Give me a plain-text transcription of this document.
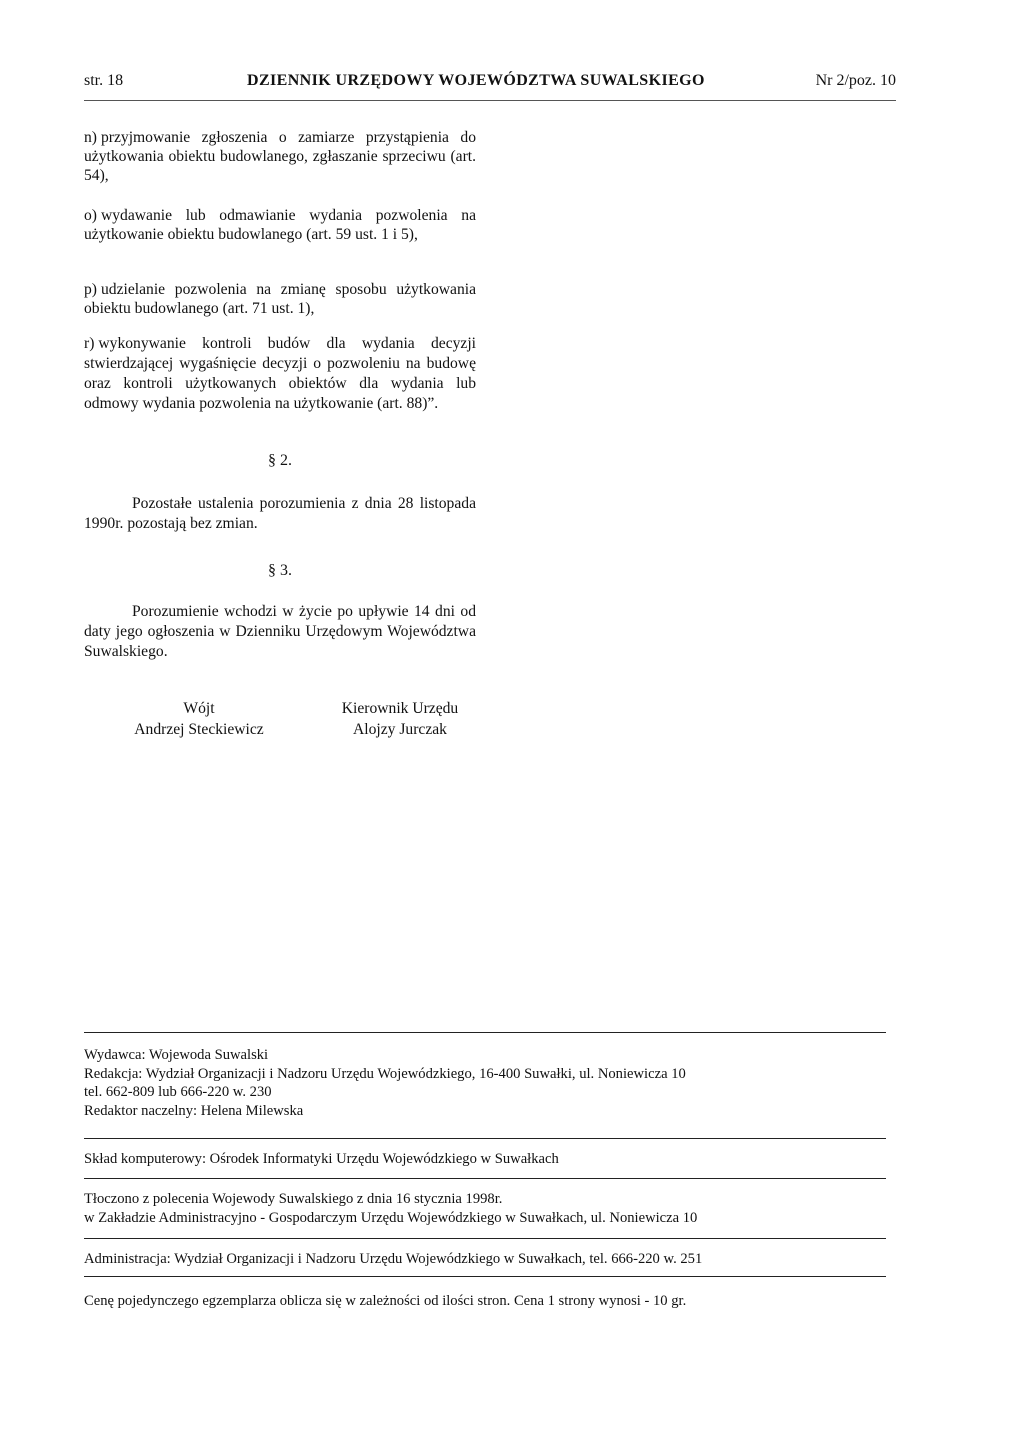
str. 18	DZIENNIK URZĘDOWY WOJEWÓDZTWA SUWALSKIEGO	Nr 2/poz. 10

n) przyjmowanie zgłoszenia o zamiarze przystąpienia do użytkowania obiektu budowlanego, zgłaszanie sprzeciwu (art. 54),

o) wydawanie lub odmawianie wydania pozwolenia na użytkowanie obiektu budowlanego (art. 59 ust. 1 i 5),

p) udzielanie pozwolenia na zmianę sposobu użytkowania obiektu budowlanego (art. 71 ust. 1),

r) wykonywanie kontroli budów dla wydania decyzji stwierdzającej wygaśnięcie decyzji o pozwoleniu na budowę oraz kontroli użytkowanych obiektów dla wydania lub odmowy wydania pozwolenia na użytkowanie (art. 88)”.

§ 2.
Pozostałe ustalenia porozumienia z dnia 28 listopada 1990r. pozostają bez zmian.
§ 3.
Porozumienie wchodzi w życie po upływie 14 dni od daty jego ogłoszenia w Dzienniku Urzędowym Województwa Suwalskiego.
Wójt
Andrzej Steckiewicz
Kierownik Urzędu
Alojzy Jurczak
Wydawca: Wojewoda Suwalski
Redakcja: Wydział Organizacji i Nadzoru Urzędu Wojewódzkiego, 16-400 Suwałki, ul. Noniewicza 10
tel. 662-809 lub 666-220 w. 230
Redaktor naczelny: Helena Milewska
Skład komputerowy: Ośrodek Informatyki Urzędu Wojewódzkiego w Suwałkach
Tłoczono z polecenia Wojewody Suwalskiego z dnia 16 stycznia 1998r.
w Zakładzie Administracyjno - Gospodarczym Urzędu Wojewódzkiego w Suwałkach, ul. Noniewicza 10
Administracja: Wydział Organizacji i Nadzoru Urzędu Wojewódzkiego w Suwałkach, tel. 666-220 w. 251
Cenę pojedynczego egzemplarza oblicza się w zależności od ilości stron. Cena 1 strony wynosi - 10 gr.
